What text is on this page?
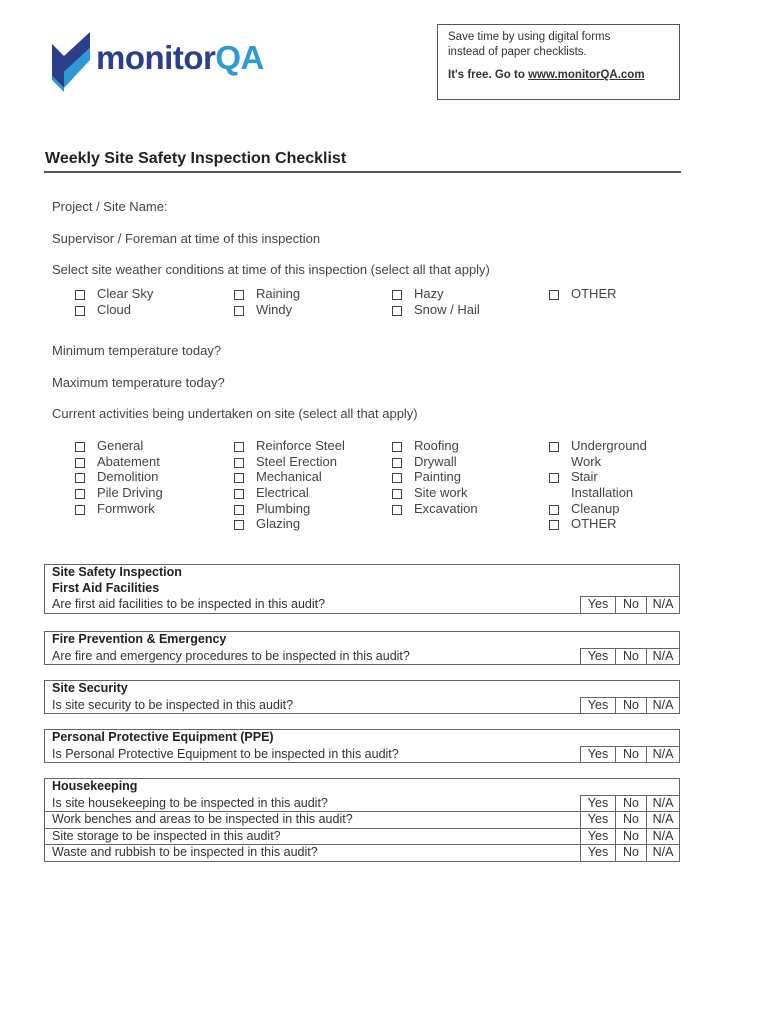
monitorQA
Save time by using digital forms
instead of paper checklists.
It's free. Go to www.monitorQA.com
Weekly Site Safety Inspection Checklist
Project / Site Name:
Supervisor / Foreman at time of this inspection
Select site weather conditions at time of this inspection (select all that apply)
Clear Sky
Cloud
Raining
Windy
Hazy
Snow / Hail
OTHER
Minimum temperature today?
Maximum temperature today?
Current activities being undertaken on site (select all that apply)
General
Abatement
Demolition
Pile Driving
Formwork
Reinforce Steel
Steel Erection
Mechanical
Electrical
Plumbing
Glazing
Roofing
Drywall
Painting
Site work
Excavation
Underground
Work
Stair
Installation
Cleanup
OTHER
Site Safety Inspection
First Aid Facilities
Are first aid facilities to be inspected in this audit?	Yes	No	N/A
Fire Prevention & Emergency
Are fire and emergency procedures to be inspected in this audit?	Yes	No	N/A
Site Security
Is site security to be inspected in this audit?	Yes	No	N/A
Personal Protective Equipment (PPE)
Is Personal Protective Equipment to be inspected in this audit?	Yes	No	N/A
Housekeeping			
Is site housekeeping to be inspected in this audit?	Yes	No	N/A
Work benches and areas to be inspected in this audit?	Yes	No	N/A
Site storage to be inspected in this audit?	Yes	No	N/A
Waste and rubbish to be inspected in this audit?	Yes	No	N/A
